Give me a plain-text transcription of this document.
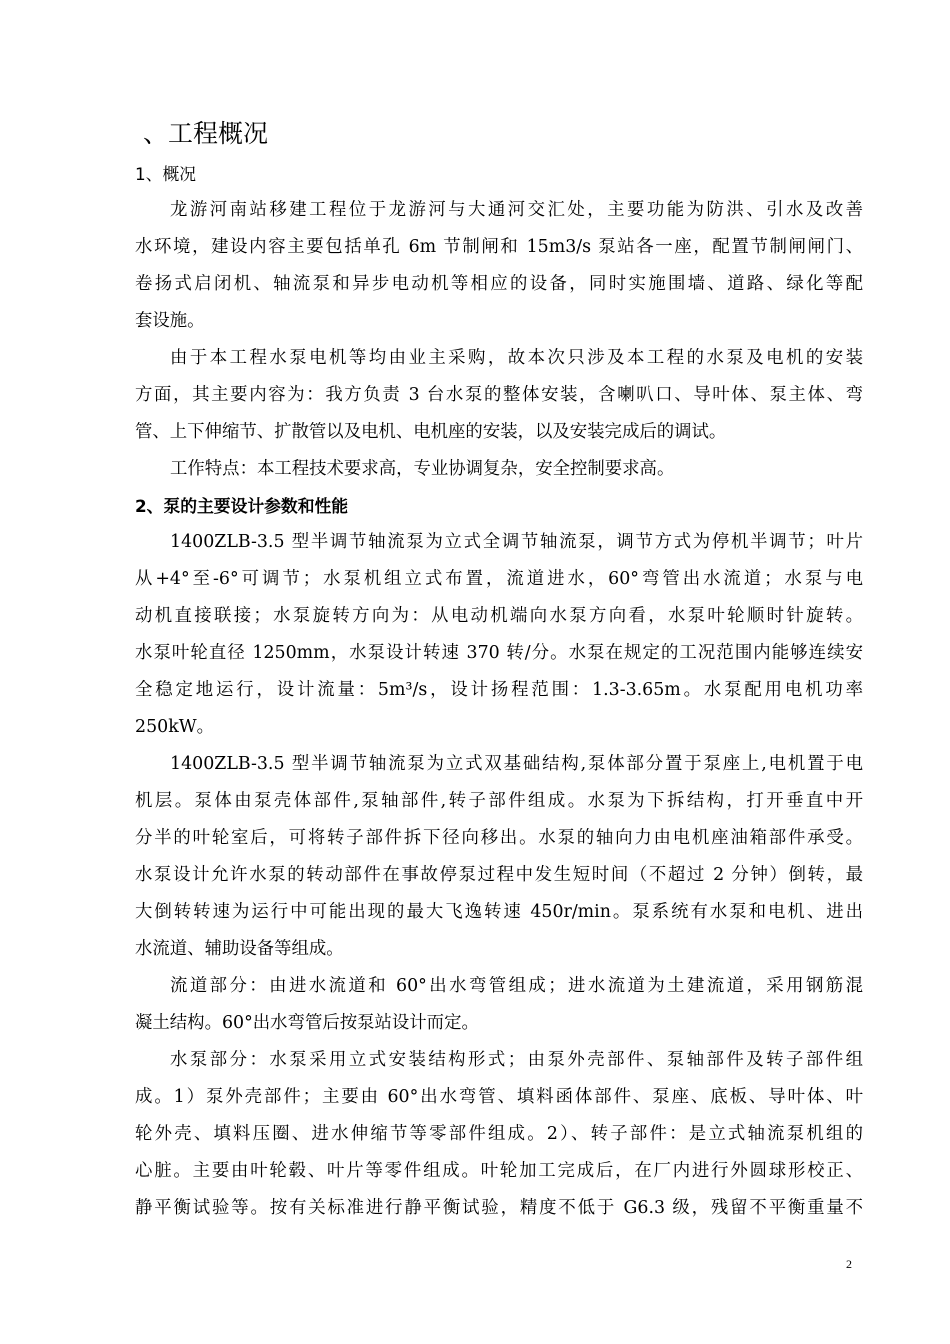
、工程概况
1、概况
龙游河南站移建工程位于龙游河与大通河交汇处，主要功能为防洪、引水及改善
水环境，建设内容主要包括单孔 6m 节制闸和 15m3/s 泵站各一座，配置节制闸闸门、
卷扬式启闭机、轴流泵和异步电动机等相应的设备，同时实施围墙、道路、绿化等配
套设施。
由于本工程水泵电机等均由业主采购，故本次只涉及本工程的水泵及电机的安装
方面，其主要内容为：我方负责 3 台水泵的整体安装，含喇叭口、导叶体、泵主体、弯
管、上下伸缩节、扩散管以及电机、电机座的安装，以及安装完成后的调试。
工作特点：本工程技术要求高，专业协调复杂，安全控制要求高。
2、泵的主要设计参数和性能
1400ZLB-3.5 型半调节轴流泵为立式全调节轴流泵，调节方式为停机半调节；叶片
从+4°至-6°可调节；水泵机组立式布置，流道进水，60°弯管出水流道；水泵与电
动机直接联接；水泵旋转方向为：从电动机端向水泵方向看，水泵叶轮顺时针旋转。
水泵叶轮直径 1250mm，水泵设计转速 370 转/分。水泵在规定的工况范围内能够连续安
全稳定地运行，设计流量：5m³/s，设计扬程范围：1.3-3.65m。水泵配用电机功率
250kW。
1400ZLB-3.5 型半调节轴流泵为立式双基础结构,泵体部分置于泵座上,电机置于电
机层。泵体由泵壳体部件,泵轴部件,转子部件组成。水泵为下拆结构，打开垂直中开
分半的叶轮室后，可将转子部件拆下径向移出。水泵的轴向力由电机座油箱部件承受。
水泵设计允许水泵的转动部件在事故停泵过程中发生短时间（不超过 2 分钟）倒转，最
大倒转转速为运行中可能出现的最大飞逸转速 450r/min。泵系统有水泵和电机、进出
水流道、辅助设备等组成。
流道部分：由进水流道和 60°出水弯管组成；进水流道为土建流道，采用钢筋混
凝土结构。60°出水弯管后按泵站设计而定。
水泵部分：水泵采用立式安装结构形式；由泵外壳部件、泵轴部件及转子部件组
成。1）泵外壳部件；主要由 60°出水弯管、填料函体部件、泵座、底板、导叶体、叶
轮外壳、填料压圈、进水伸缩节等零部件组成。2）、转子部件：是立式轴流泵机组的
心脏。主要由叶轮毂、叶片等零件组成。叶轮加工完成后，在厂内进行外圆球形校正、
静平衡试验等。按有关标准进行静平衡试验，精度不低于 G6.3 级，残留不平衡重量不
2
